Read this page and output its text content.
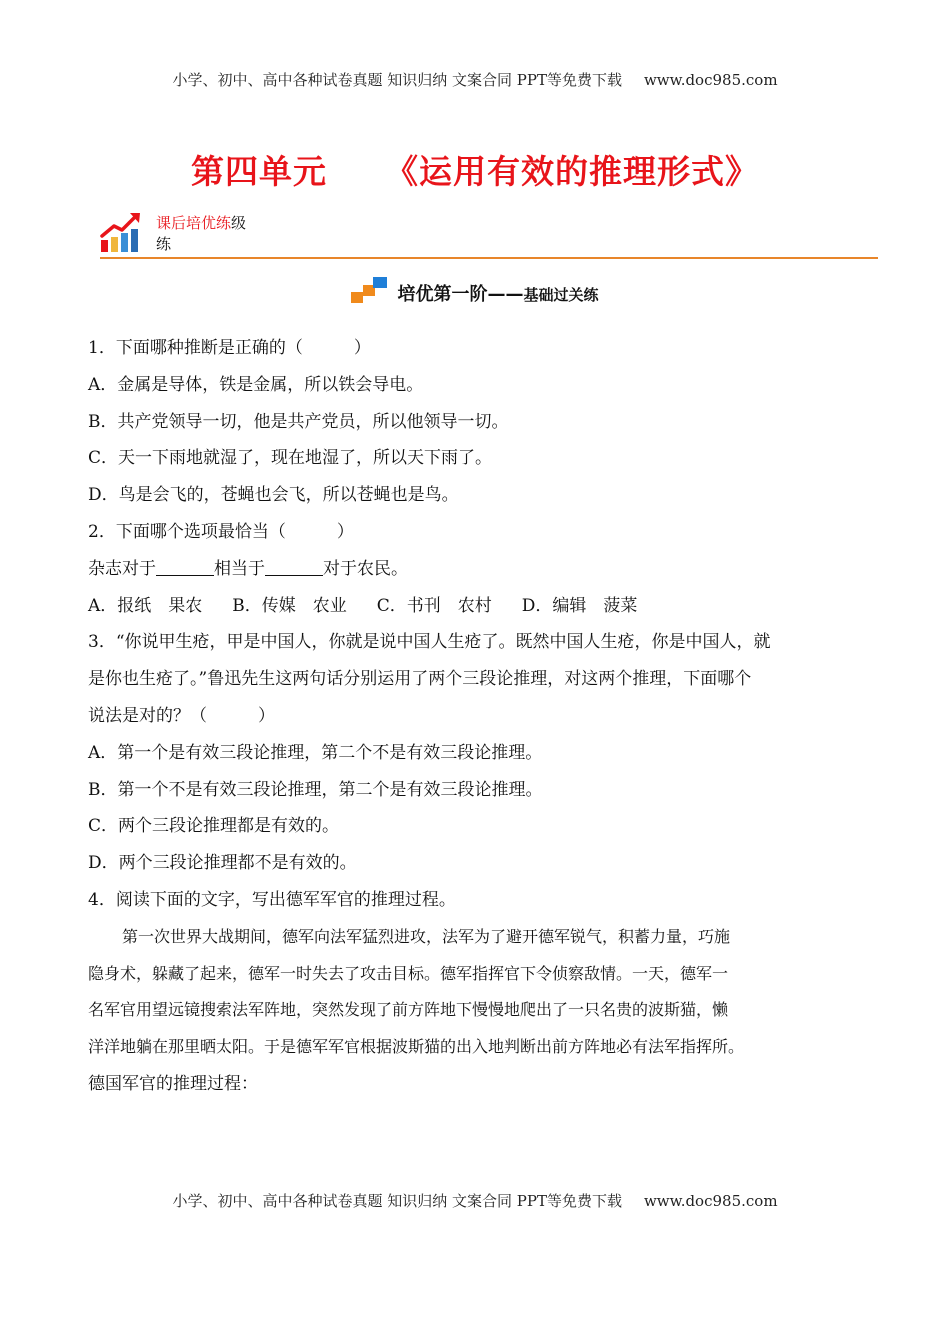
小学、初中、高中各种试卷真题 知识归纳 文案合同 PPT等免费下载 www.doc985.com
第四单元 《运用有效的推理形式》
课后培优练级
练
培优第一阶——基础过关练
1．下面哪种推断是正确的（　　　）
A．金属是导体，铁是金属，所以铁会导电。
B．共产党领导一切，他是共产党员，所以他领导一切。
C．天一下雨地就湿了，现在地湿了，所以天下雨了。
D．鸟是会飞的，苍蝇也会飞，所以苍蝇也是鸟。
2．下面哪个选项最恰当（　　　）
杂志对于	相当于	对于农民。
A．报纸　果农 B．传媒　农业 C．书刊　农村 D．编辑　菠菜
3．“你说甲生疮，甲是中国人，你就是说中国人生疮了。既然中国人生疮，你是中国人，就
是你也生疮了。”鲁迅先生这两句话分别运用了两个三段论推理，对这两个推理，下面哪个
说法是对的？（　　　）
A．第一个是有效三段论推理，第二个不是有效三段论推理。
B．第一个不是有效三段论推理，第二个是有效三段论推理。
C．两个三段论推理都是有效的。
D．两个三段论推理都不是有效的。
4．阅读下面的文字，写出德军军官的推理过程。
第一次世界大战期间，德军向法军猛烈进攻，法军为了避开德军锐气，积蓄力量，巧施
隐身术，躲藏了起来，德军一时失去了攻击目标。德军指挥官下令侦察敌情。一天，德军一
名军官用望远镜搜索法军阵地，突然发现了前方阵地下慢慢地爬出了一只名贵的波斯猫，懒
洋洋地躺在那里晒太阳。于是德军军官根据波斯猫的出入地判断出前方阵地必有法军指挥所。
德国军官的推理过程：
小学、初中、高中各种试卷真题 知识归纳 文案合同 PPT等免费下载 www.doc985.com
